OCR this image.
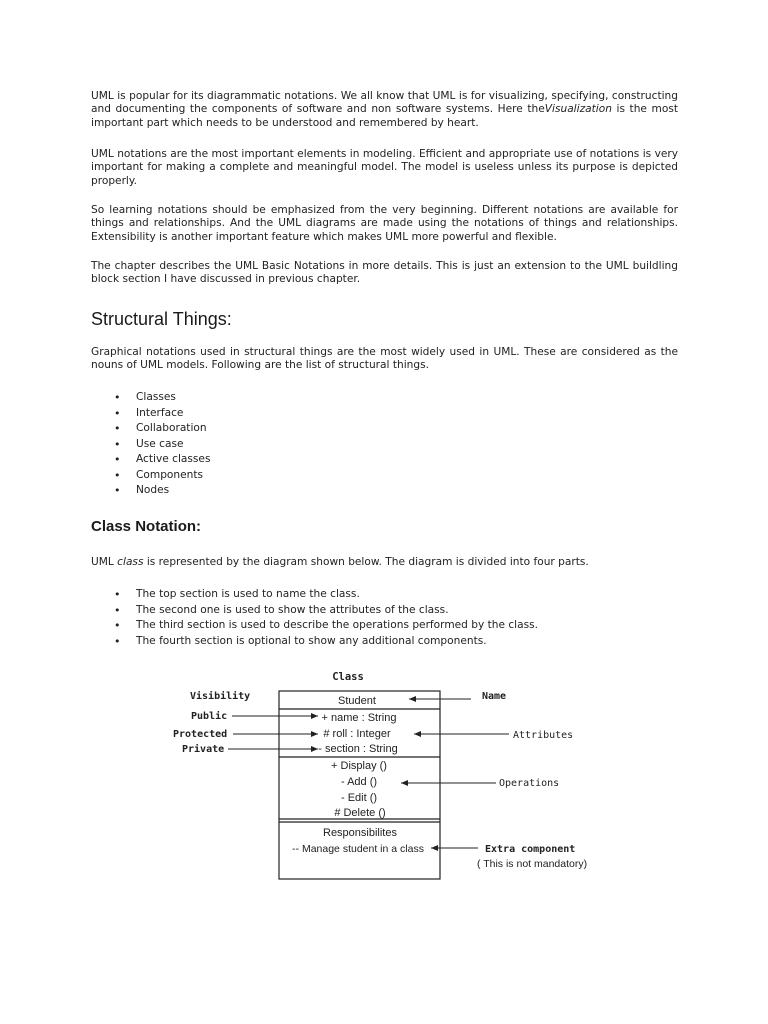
UML is popular for its diagrammatic notations. We all know that UML is for visualizing, specifying, constructing and documenting the components of software and non software systems. Here theVisualization is the most important part which needs to be understood and remembered by heart.

UML notations are the most important elements in modeling. Efficient and appropriate use of notations is very important for making a complete and meaningful model. The model is useless unless its purpose is depicted properly.

So learning notations should be emphasized from the very beginning. Different notations are available for things and relationships. And the UML diagrams are made using the notations of things and relationships. Extensibility is another important feature which makes UML more powerful and flexible.

The chapter describes the UML Basic Notations in more details. This is just an extension to the UML buildling block section I have discussed in previous chapter.

Structural Things:

Graphical notations used in structural things are the most widely used in UML. These are considered as the nouns of UML models. Following are the list of structural things.

• Classes
• Interface
• Collaboration
• Use case
• Active classes
• Components
• Nodes
Class Notation:

UML class is represented by the diagram shown below. The diagram is divided into four parts.

• The top section is used to name the class.
• The second one is used to show the attributes of the class.
• The third section is used to describe the operations performed by the class.
• The fourth section is optional to show any additional components.
Class
Student
+ name : String
# roll : Integer
- section : String
+ Display ()
- Add ()
- Edit ()
# Delete ()
Responsibilites
-- Manage student in a class
Visibility
Public
Protected
Private
Name
Attributes
Operations
Extra component
( This is not mandatory)
